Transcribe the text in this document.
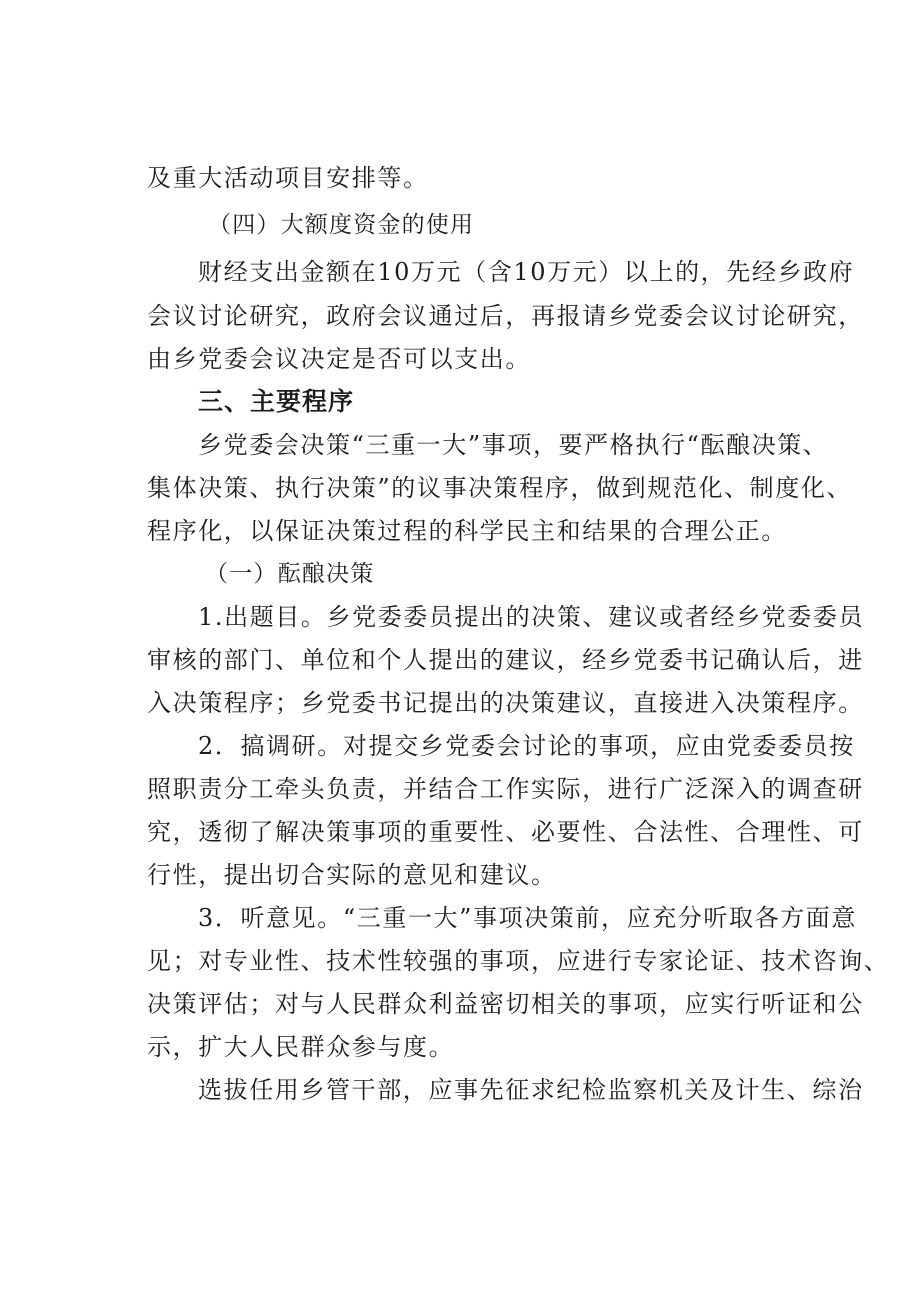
及重大活动项目安排等。
（四）大额度资金的使用
财经支出金额在10万元（含10万元）以上的，先经乡政府
会议讨论研究，政府会议通过后，再报请乡党委会议讨论研究，
由乡党委会议决定是否可以支出。
三、主要程序
乡党委会决策“三重一大”事项，要严格执行“酝酿决策、
集体决策、执行决策”的议事决策程序，做到规范化、制度化、
程序化，以保证决策过程的科学民主和结果的合理公正。
（一）酝酿决策
1.出题目。乡党委委员提出的决策、建议或者经乡党委委员
审核的部门、单位和个人提出的建议，经乡党委书记确认后，进
入决策程序；乡党委书记提出的决策建议，直接进入决策程序。
2．搞调研。对提交乡党委会讨论的事项，应由党委委员按
照职责分工牵头负责，并结合工作实际，进行广泛深入的调查研
究，透彻了解决策事项的重要性、必要性、合法性、合理性、可
行性，提出切合实际的意见和建议。
3．听意见。“三重一大”事项决策前，应充分听取各方面意
见；对专业性、技术性较强的事项，应进行专家论证、技术咨询、
决策评估；对与人民群众利益密切相关的事项，应实行听证和公
示，扩大人民群众参与度。
选拔任用乡管干部，应事先征求纪检监察机关及计生、综治
